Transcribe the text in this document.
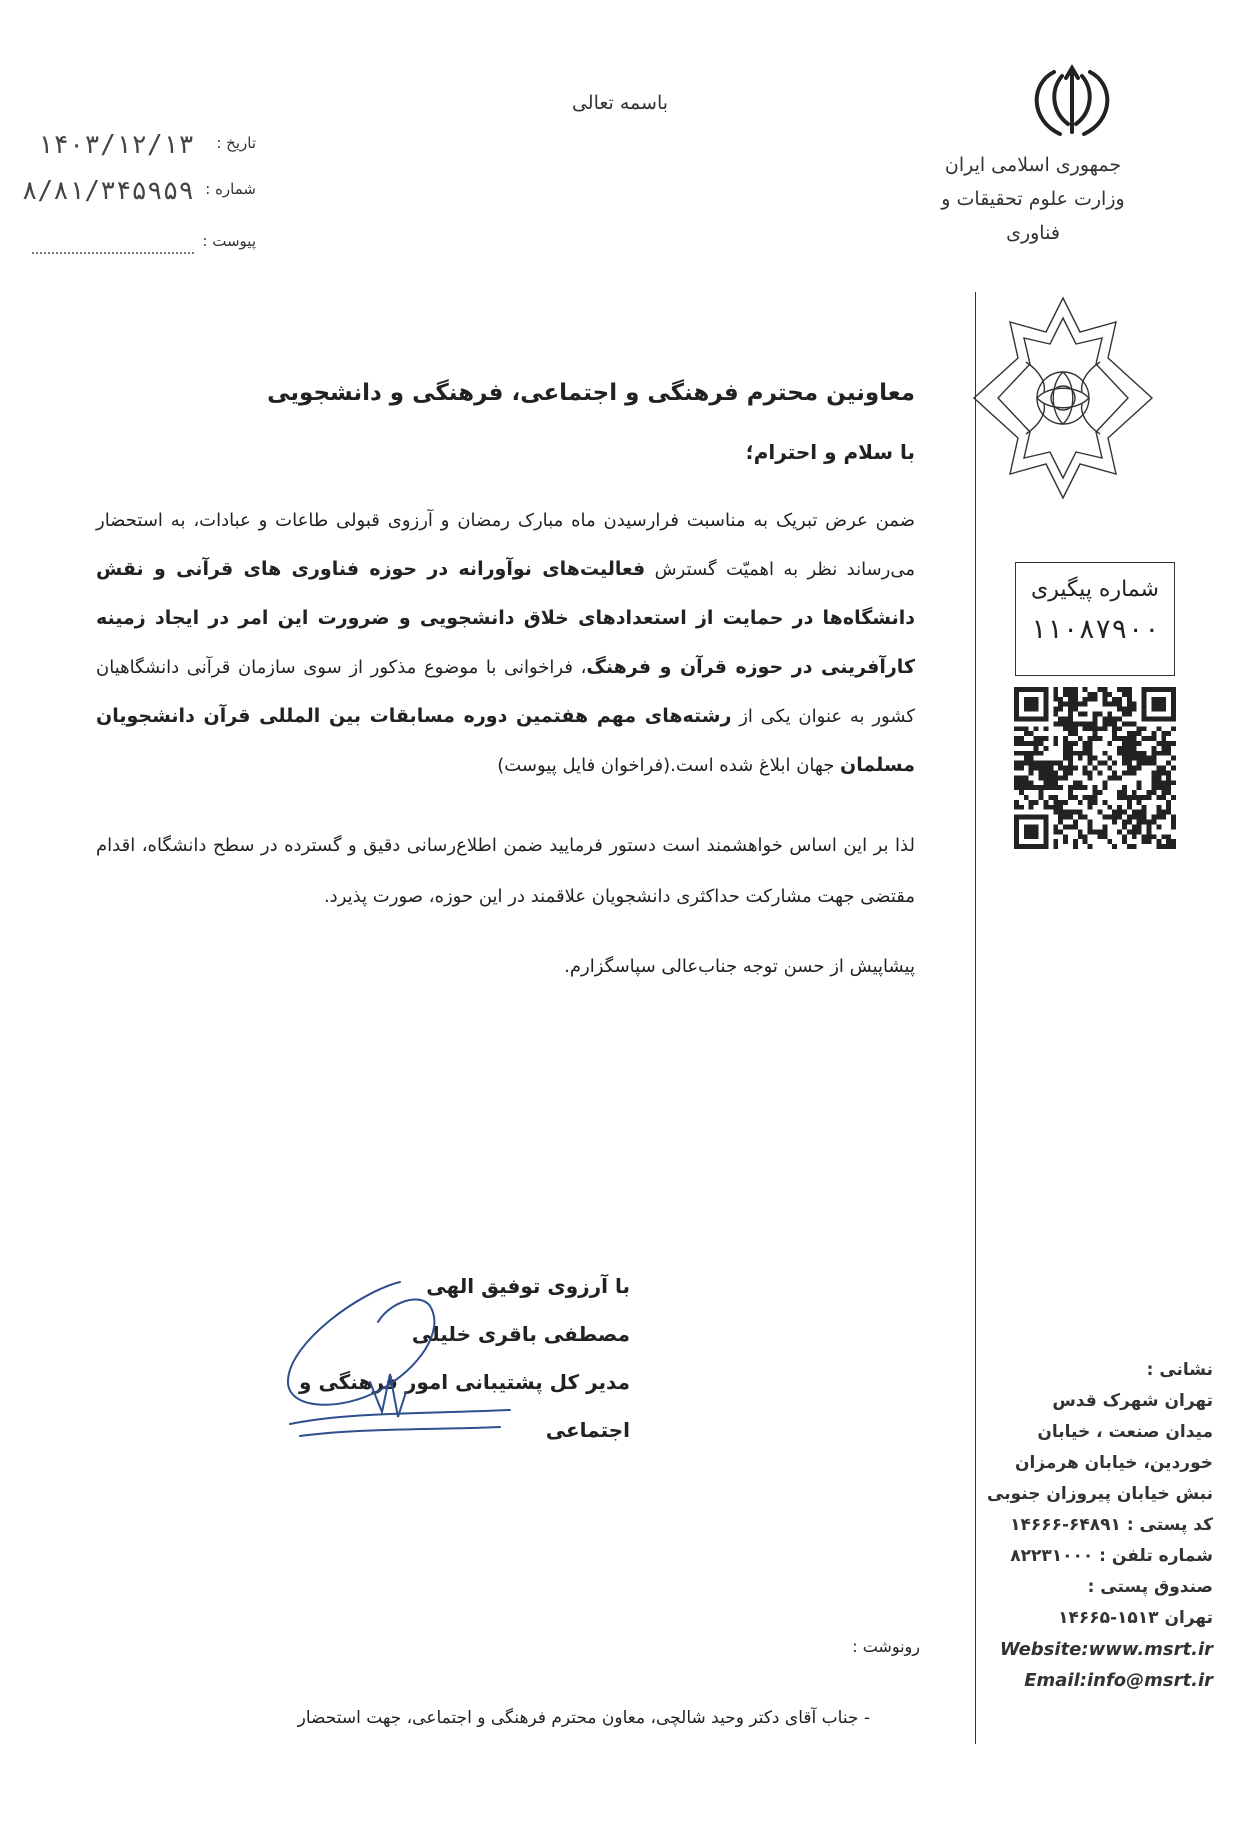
جمهوری اسلامی ایران
وزارت علوم تحقیقات و فناوری
باسمه تعالی
تاریخ :
۱۴۰۳/۱۲/۱۳
شماره :
۸/۸۱/۳۴۵۹۵۹
پیوست :
شماره پیگیری
۱۱۰۸۷۹۰۰
نشانی :
تهران شهرک قدس
میدان صنعت ، خیابان
خوردین، خیابان هرمزان
نبش خیابان پیروزان جنوبی
کد پستی : ۶۴۸۹۱-۱۴۶۶۶
شماره تلفن : ۸۲۲۳۱۰۰۰
صندوق پستی :
تهران ۱۵۱۳-۱۴۶۶۵
Website:www.msrt.ir
Email:info@msrt.ir

معاونین محترم فرهنگی و اجتماعی، فرهنگی و دانشجویی

با سلام و احترام؛
ضمن عرض تبریک به مناسبت فرارسیدن ماه مبارک رمضان و آرزوی قبولی طاعات و عبادات، به استحضار می‌رساند نظر به اهمیّت گسترش فعالیت‌های نوآورانه در حوزه فناوری های قرآنی و نقش دانشگاه‌ها در حمایت از استعدادهای خلاق دانشجویی و ضرورت این امر در ایجاد زمینه کارآفرینی در حوزه قرآن و فرهنگ، فراخوانی با موضوع مذکور از سوی سازمان قرآنی دانشگاهیان کشور به عنوان یکی از رشته‌های مهم هفتمین دوره مسابقات بین المللی قرآن دانشجویان مسلمان جهان ابلاغ شده است.(فراخوان فایل پیوست)
لذا بر این اساس خواهشمند است دستور فرمایید ضمن اطلاع‌رسانی دقیق و گسترده در سطح دانشگاه، اقدام مقتضی جهت مشارکت حداکثری دانشجویان علاقمند در این حوزه، صورت پذیرد.
پیشاپیش از حسن توجه جناب‌عالی سپاسگزارم.
با آرزوی توفیق الهی
مصطفی باقری خلیلی
مدیر کل پشتیبانی امور فرهنگی و اجتماعی
رونوشت :
- جناب آقای دکتر وحید شالچی، معاون محترم فرهنگی و اجتماعی، جهت استحضار
